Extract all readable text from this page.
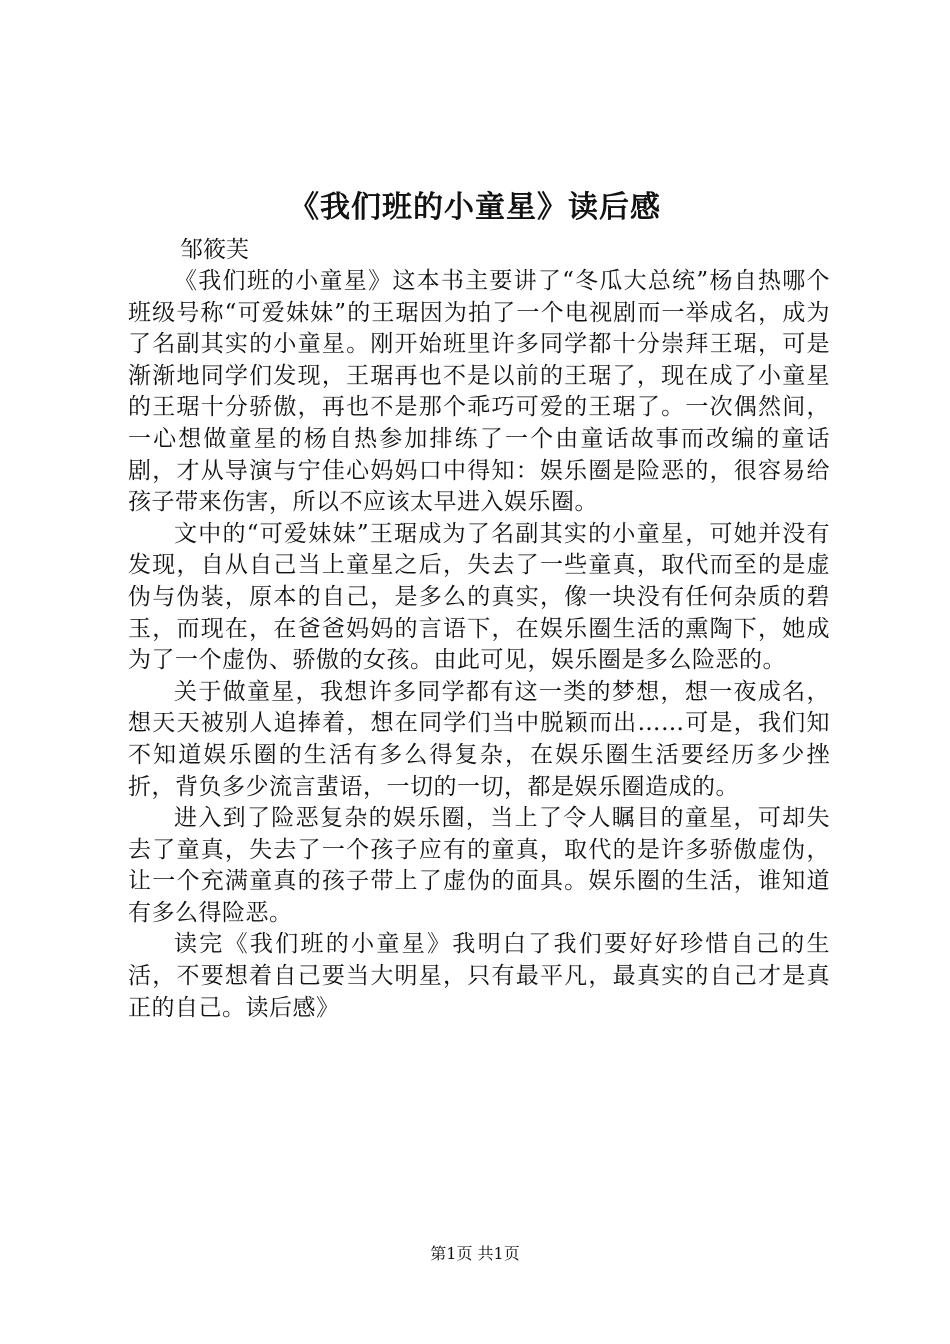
《我们班的小童星》读后感

邹筱芙

《我们班的小童星》这本书主要讲了“冬瓜大总统”杨自热哪个班级号称“可爱妹妹”的王琚因为拍了一个电视剧而一举成名，成为了名副其实的小童星。刚开始班里许多同学都十分崇拜王琚，可是渐渐地同学们发现，王琚再也不是以前的王琚了，现在成了小童星的王琚十分骄傲，再也不是那个乖巧可爱的王琚了。一次偶然间，一心想做童星的杨自热参加排练了一个由童话故事而改编的童话剧，才从导演与宁佳心妈妈口中得知：娱乐圈是险恶的，很容易给孩子带来伤害，所以不应该太早进入娱乐圈。

文中的“可爱妹妹”王琚成为了名副其实的小童星，可她并没有发现，自从自己当上童星之后，失去了一些童真，取代而至的是虚伪与伪装，原本的自己，是多么的真实，像一块没有任何杂质的碧玉，而现在，在爸爸妈妈的言语下，在娱乐圈生活的熏陶下，她成为了一个虚伪、骄傲的女孩。由此可见，娱乐圈是多么险恶的。

关于做童星，我想许多同学都有这一类的梦想，想一夜成名，想天天被别人追捧着，想在同学们当中脱颖而出……可是，我们知不知道娱乐圈的生活有多么得复杂，在娱乐圈生活要经历多少挫折，背负多少流言蜚语，一切的一切，都是娱乐圈造成的。

进入到了险恶复杂的娱乐圈，当上了令人瞩目的童星，可却失去了童真，失去了一个孩子应有的童真，取代的是许多骄傲虚伪，让一个充满童真的孩子带上了虚伪的面具。娱乐圈的生活，谁知道有多么得险恶。

读完《我们班的小童星》我明白了我们要好好珍惜自己的生活，不要想着自己要当大明星，只有最平凡，最真实的自己才是真正的自己。读后感》

第1页 共1页
